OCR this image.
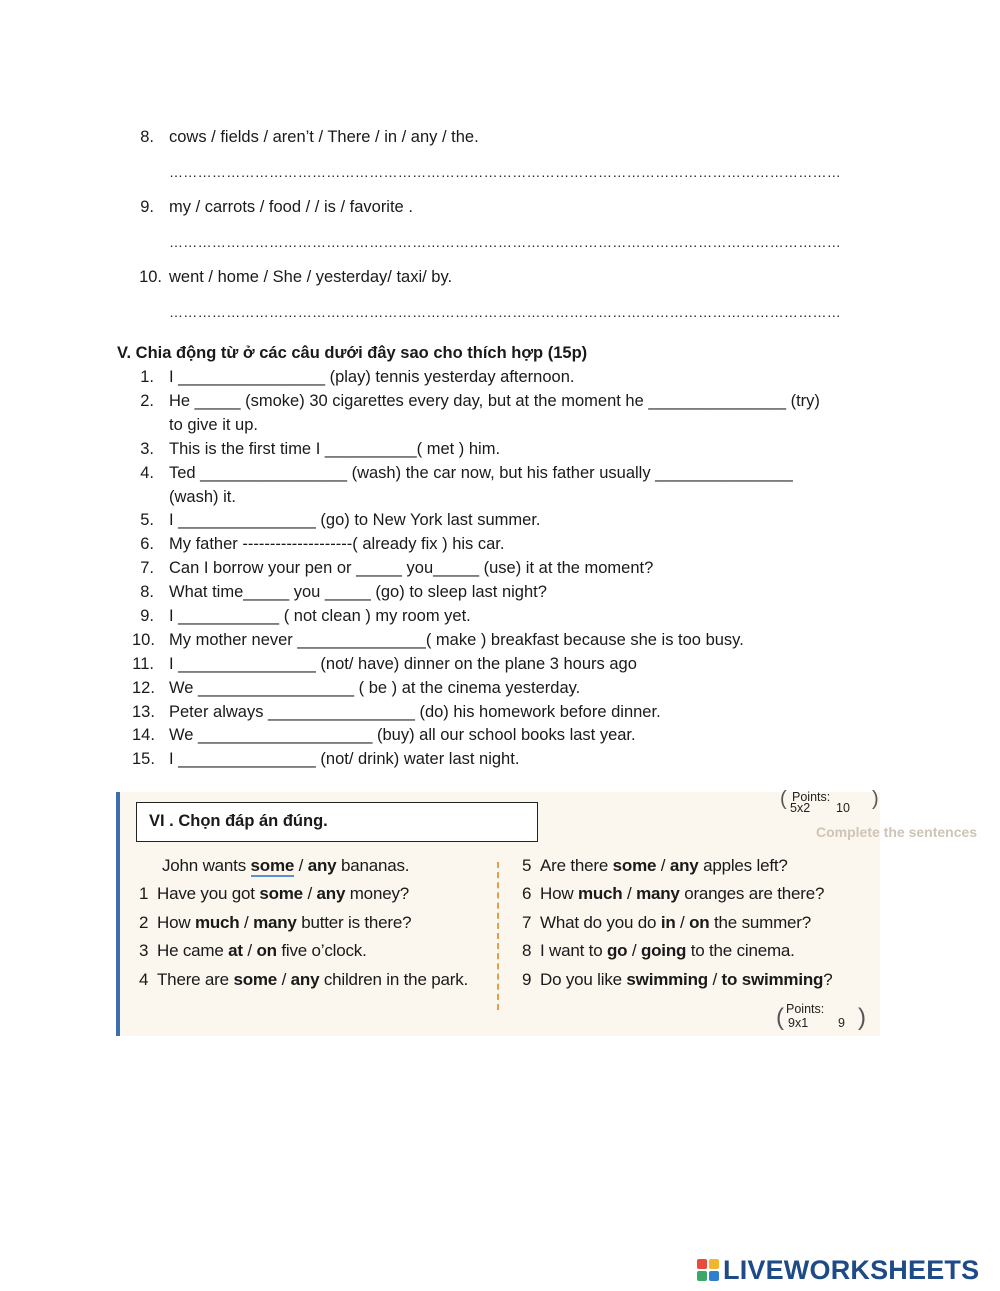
8. cows / fields / aren’t / There / in / any / the.
……………………………………………………………………………………………………………………………
9. my / carrots / food / / is / favorite .
……………………………………………………………………………………………………………………………
10. went / home / She / yesterday/ taxi/ by.
……………………………………………………………………………………………………………………………
V. Chia động từ ở các câu dưới đây sao cho thích hợp (15p)
1. I ________________ (play) tennis yesterday afternoon.
2. He _____ (smoke) 30 cigarettes every day, but at the moment he _______________ (try)
to give it up.
3. This is the first time I __________( met ) him.
4. Ted ________________ (wash) the car now, but his father usually _______________
(wash) it.
5. I _______________ (go) to New York last summer.
6. My father --------------------( already fix ) his car.
7. Can I borrow your pen or _____ you_____ (use) it at the moment?
8. What time_____ you _____ (go) to sleep last night?
9. I ___________ ( not clean ) my room yet.
10. My mother never ______________( make ) breakfast because she is too busy.
11. I _______________ (not/ have) dinner on the plane 3 hours ago
12. We _________________ ( be ) at the cinema yesterday.
13. Peter always ________________ (do) his homework before dinner.
14. We ___________________ (buy) all our school books last year.
15. I _______________ (not/ drink) water last night.
Complete the sentences
VI . Chọn đáp án đúng.
( Points:
5x2 10 )
John wants some / any bananas.
1 Have you got some / any money?
2 How much / many butter is there?
3 He came at / on five o’clock.
4 There are some / any children in the park.
5 Are there some / any apples left?
6 How much / many oranges are there?
7 What do you do in / on the summer?
8 I want to go / going to the cinema.
9 Do you like swimming / to swimming?
( Points:
9x1 9 )
LIVEWORKSHEETS
